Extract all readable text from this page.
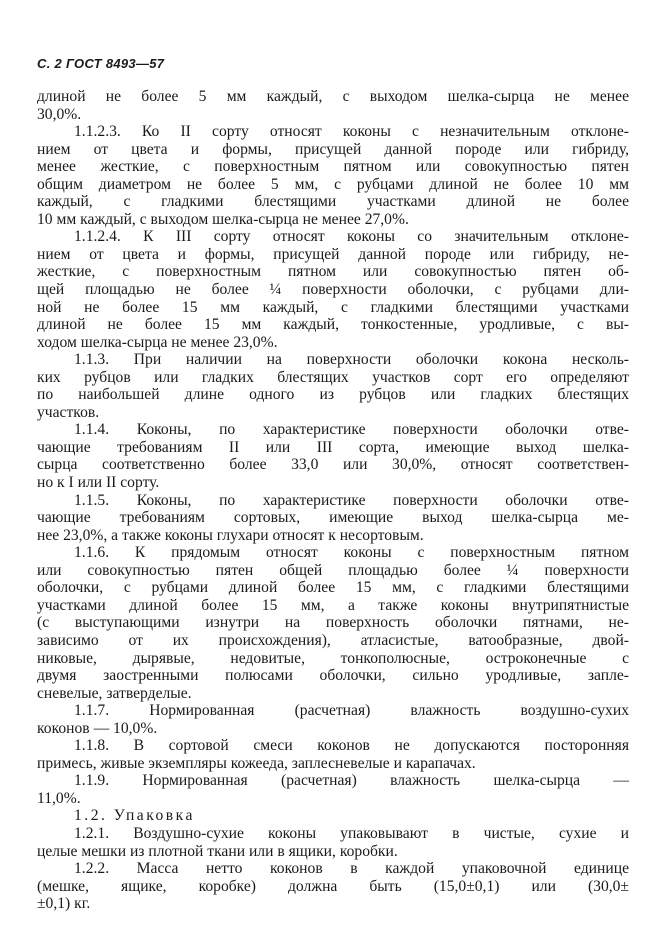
С. 2 ГОСТ 8493—57

длиной не более 5 мм каждый, с выходом шелка-сырца не менее

30,0%.

1.1.2.3. Ко II сорту относят коконы с незначительным отклоне-

нием от цвета и формы, присущей данной породе или гибриду,

менее жесткие, с поверхностным пятном или совокупностью пятен

общим диаметром не более 5 мм, с рубцами длиной не более 10 мм

каждый, с гладкими блестящими участками длиной не более

10 мм каждый, с выходом шелка-сырца не менее 27,0%.

1.1.2.4. К III сорту относят коконы со значительным отклоне-

нием от цвета и формы, присущей данной породе или гибриду, не-

жесткие, с поверхностным пятном или совокупностью пятен об-

щей площадью не более ¼ поверхности оболочки, с рубцами дли-

ной не более 15 мм каждый, с гладкими блестящими участками

длиной не более 15 мм каждый, тонкостенные, уродливые, с вы-

ходом шелка-сырца не менее 23,0%.

1.1.3. При наличии на поверхности оболочки кокона несколь-

ких рубцов или гладких блестящих участков сорт его определяют

по наибольшей длине одного из рубцов или гладких блестящих

участков.

1.1.4. Коконы, по характеристике поверхности оболочки отве-

чающие требованиям II или III сорта, имеющие выход шелка-

сырца соответственно более 33,0 или 30,0%, относят соответствен-

но к I или II сорту.

1.1.5. Коконы, по характеристике поверхности оболочки отве-

чающие требованиям сортовых, имеющие выход шелка-сырца ме-

нее 23,0%, а также коконы глухари относят к несортовым.

1.1.6. К прядомым относят коконы с поверхностным пятном

или совокупностью пятен общей площадью более ¼ поверхности

оболочки, с рубцами длиной более 15 мм, с гладкими блестящими

участками длиной более 15 мм, а также коконы внутрипятнистые

(с выступающими изнутри на поверхность оболочки пятнами, не-

зависимо от их происхождения), атласистые, ватообразные, двой-

никовые, дырявые, недовитые, тонкополюсные, остроконечные с

двумя заостренными полюсами оболочки, сильно уродливые, запле-

сневелые, затверделые.

1.1.7. Нормированная (расчетная) влажность воздушно-сухих

коконов — 10,0%.

1.1.8. В сортовой смеси коконов не допускаются посторонняя

примесь, живые экземпляры кожееда, заплесневелые и карапачах.

1.1.9. Нормированная (расчетная) влажность шелка-сырца —

11,0%.

1.2. Упаковка

1.2.1. Воздушно-сухие коконы упаковывают в чистые, сухие и

целые мешки из плотной ткани или в ящики, коробки.

1.2.2. Масса нетто коконов в каждой упаковочной единице

(мешке, ящике, коробке) должна быть (15,0±0,1) или (30,0±

±0,1) кг.
